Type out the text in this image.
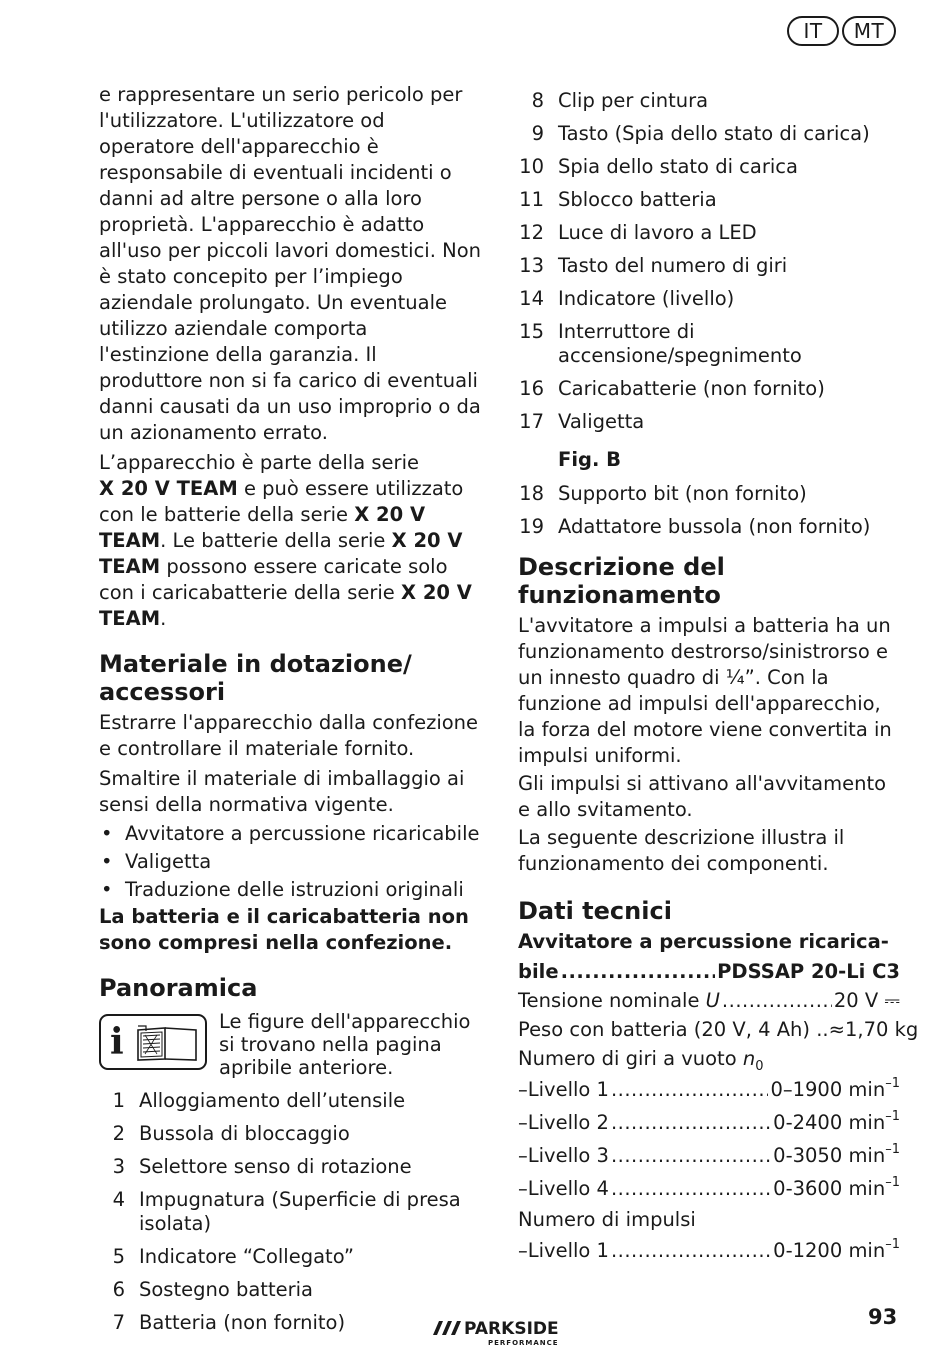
IT	MT

e rappresentare un serio pericolo per l'utilizzatore. L'utilizzatore od operatore dell'apparecchio è responsabile di eventuali incidenti o danni ad altre persone o alla loro proprietà. L'apparecchio è adatto all'uso per piccoli lavori domestici. Non è stato concepito per l’impiego aziendale prolungato. Un eventuale utilizzo aziendale comporta l'estinzione della garanzia. Il produttore non si fa carico di eventuali danni causati da un uso improprio o da un azionamento errato.

L’apparecchio è parte della serie
X 20 V TEAM e può essere utilizzato con le batterie della serie X 20 V TEAM. Le batterie della serie X 20 V TEAM possono essere caricate solo con i caricabatterie della serie X 20 V TEAM.

Materiale in dotazione/ accessori

Estrarre l'apparecchio dalla confezione e controllare il materiale fornito.

Smaltire il materiale di imballaggio ai sensi della normativa vigente.

• Avvitatore a percussione ricaricabile
• Valigetta
• Traduzione delle istruzioni originali

La batteria e il caricabatteria non sono compresi nella confezione.

Panoramica
i	Le figure dell'apparecchio si trovano nella pagina apribile anteriore.
1 Alloggiamento dell’utensile
2 Bussola di bloccaggio
3 Selettore senso di rotazione
4 Impugnatura (Superficie di presa isolata)
5 Indicatore “Collegato”
6 Sostegno batteria
7 Batteria (non fornito)
8 Clip per cintura
9 Tasto (Spia dello stato di carica)
10 Spia dello stato di carica
11 Sblocco batteria
12 Luce di lavoro a LED
13 Tasto del numero di giri
14 Indicatore (livello)
15 Interruttore di accensione/spegnimento
16 Caricabatterie (non fornito)
17 Valigetta
Fig. B
18 Supporto bit (non fornito)
19 Adattatore bussola (non fornito)
Descrizione del funzionamento

L'avvitatore a impulsi a batteria ha un funzionamento destrorso/sinistrorso e un innesto quadro di ¼”. Con la funzione ad impulsi dell'apparecchio, la forza del motore viene convertita in impulsi uniformi.

Gli impulsi si attivano all'avvitamento e allo svitamento.

La seguente descrizione illustra il funzionamento dei componenti.

Dati tecnici
Avvitatore a percussione ricarica-
bile .....	PDSSAP 20-Li C3
Tensione nominale U .....	20 V ⎓
Peso con batteria (20 V, 4 Ah) .. ≈1,70 kg
Numero di giri a vuoto $n_0$
–Livello 1 .....	0–1900 $\min^{-1}$
–Livello 2 .....	0-2400 $\min^{-1}$
–Livello 3 .....	0-3050 $\min^{-1}$
–Livello 4 .....	0-3600 $\min^{-1}$
Numero di impulsi
–Livello 1 .....	0-1200 $\min^{-1}$
PARKSIDE
PERFORMANCE
93
